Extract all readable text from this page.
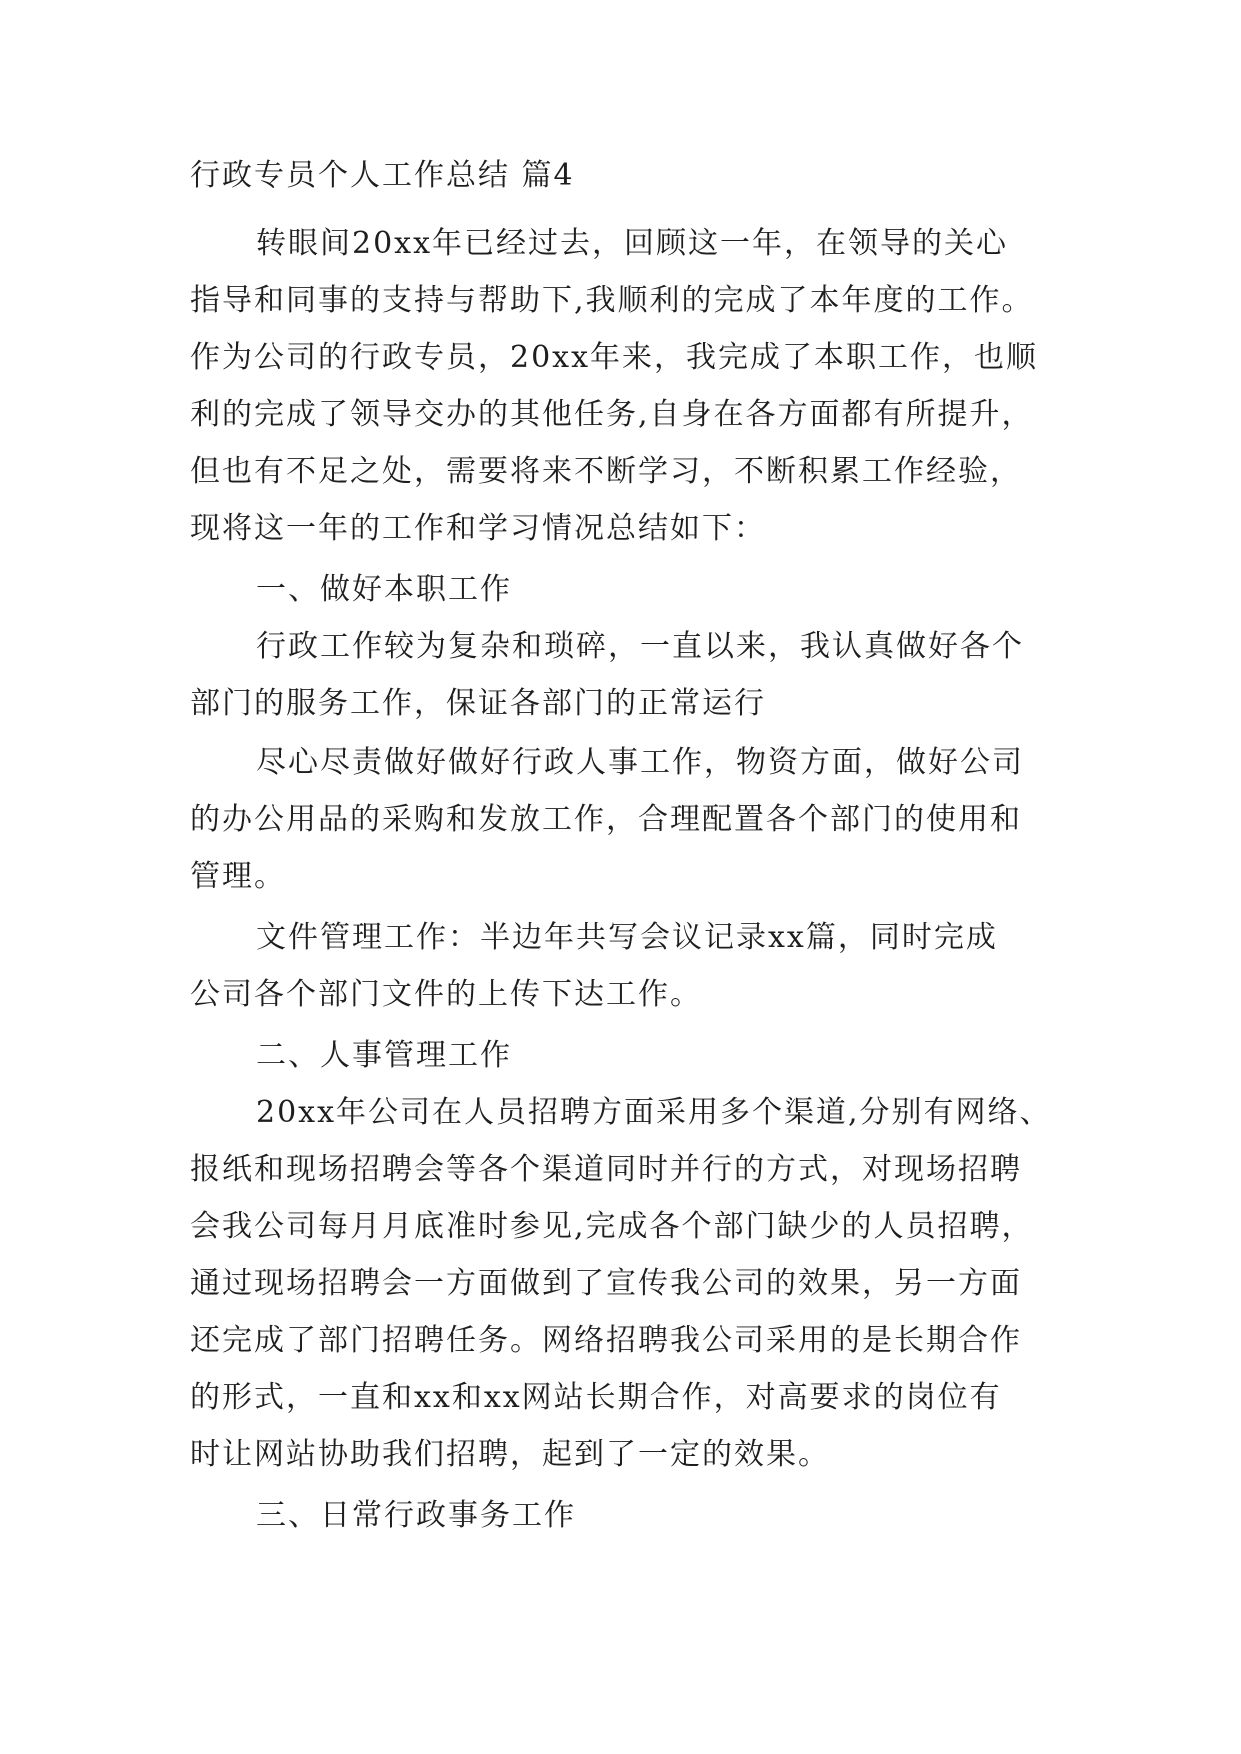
行政专员个人工作总结 篇4

转眼间20xx年已经过去，回顾这一年，在领导的关心

指导和同事的支持与帮助下,我顺利的完成了本年度的工作。

作为公司的行政专员，20xx年来，我完成了本职工作，也顺

利的完成了领导交办的其他任务,自身在各方面都有所提升，

但也有不足之处，需要将来不断学习，不断积累工作经验，

现将这一年的工作和学习情况总结如下：

一、做好本职工作

行政工作较为复杂和琐碎，一直以来，我认真做好各个

部门的服务工作，保证各部门的正常运行

尽心尽责做好做好行政人事工作，物资方面，做好公司

的办公用品的采购和发放工作，合理配置各个部门的使用和

管理。

文件管理工作：半边年共写会议记录xx篇，同时完成

公司各个部门文件的上传下达工作。

二、人事管理工作

20xx年公司在人员招聘方面采用多个渠道,分别有网络、

报纸和现场招聘会等各个渠道同时并行的方式，对现场招聘

会我公司每月月底准时参见,完成各个部门缺少的人员招聘，

通过现场招聘会一方面做到了宣传我公司的效果，另一方面

还完成了部门招聘任务。网络招聘我公司采用的是长期合作

的形式，一直和xx和xx网站长期合作，对高要求的岗位有

时让网站协助我们招聘，起到了一定的效果。

三、日常行政事务工作
